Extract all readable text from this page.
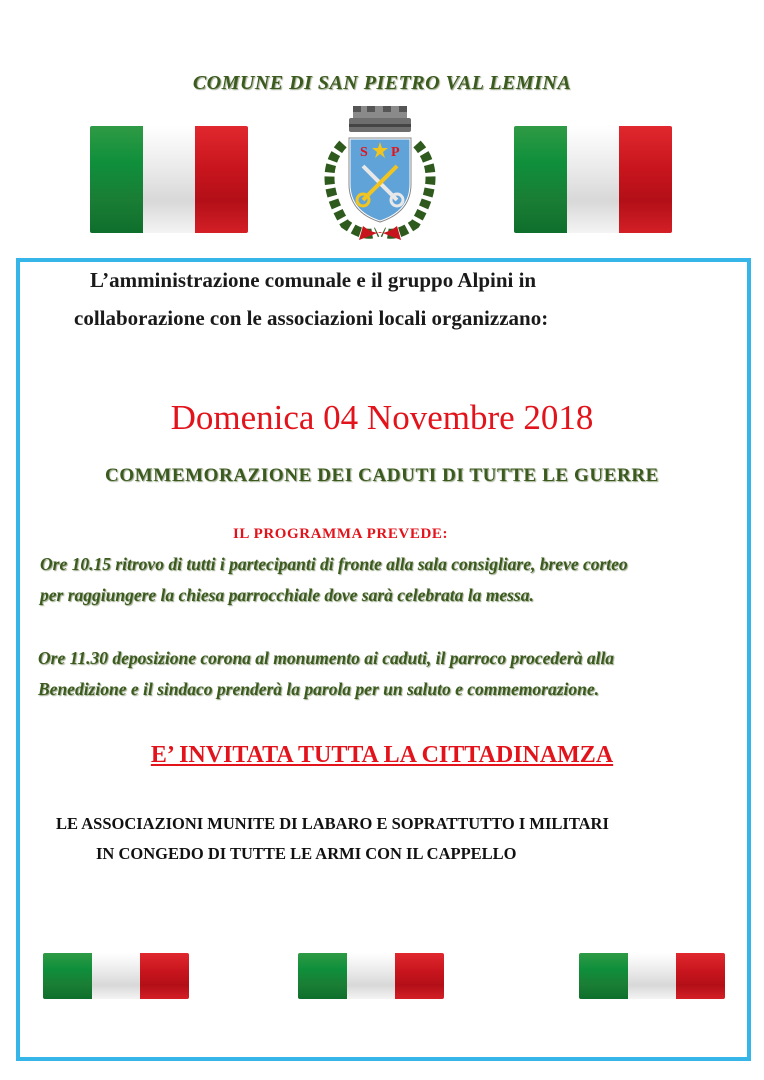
COMUNE DI SAN PIETRO VAL LEMINA
S P
L’amministrazione comunale e il gruppo Alpini in
collaborazione con le associazioni locali organizzano:
Domenica 04 Novembre 2018
COMMEMORAZIONE DEI CADUTI DI TUTTE LE GUERRE
IL PROGRAMMA PREVEDE:
Ore 10.15 ritrovo di tutti i partecipanti di fronte alla sala consigliare, breve corteo
per raggiungere la chiesa parrocchiale dove sarà celebrata la messa.
Ore 11.30 deposizione corona al monumento ai caduti, il parroco procederà alla
Benedizione e il sindaco prenderà la parola per un saluto e commemorazione.
E’ INVITATA TUTTA LA CITTADINAMZA
LE ASSOCIAZIONI MUNITE DI LABARO E SOPRATTUTTO I MILITARI
IN CONGEDO DI TUTTE LE ARMI CON IL CAPPELLO
